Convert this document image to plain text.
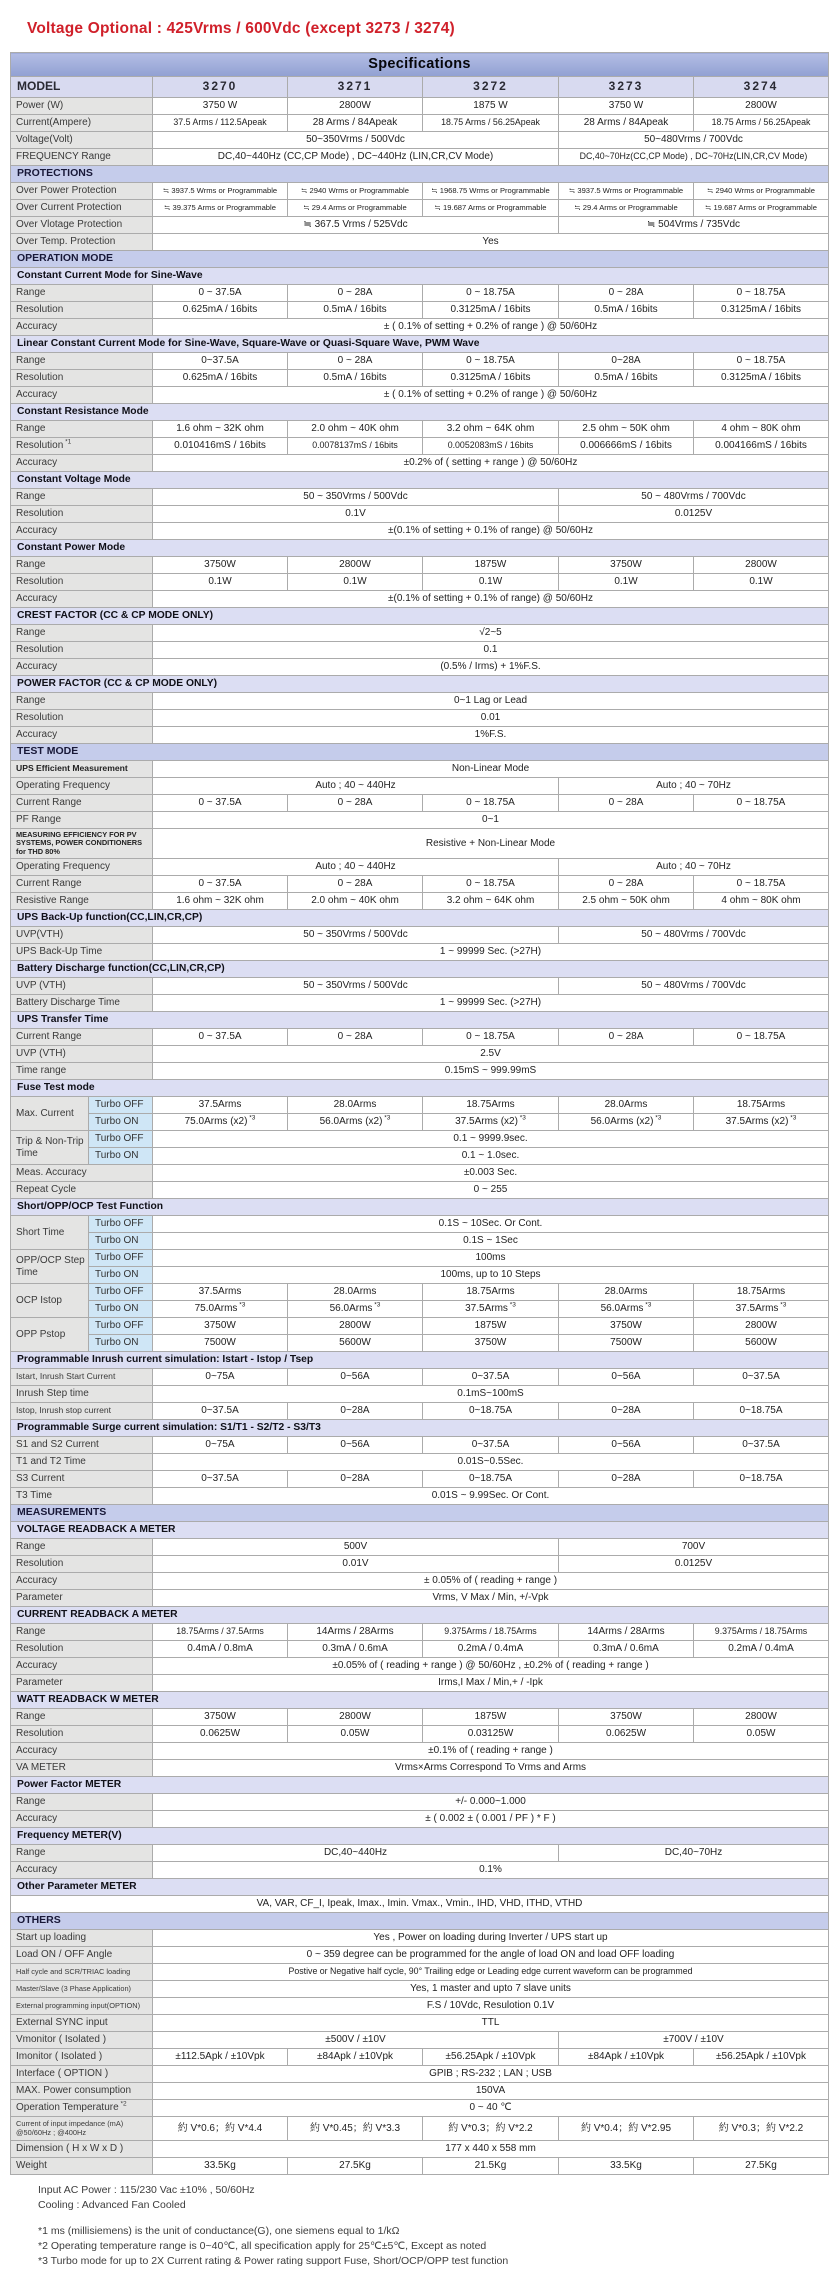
Voltage Optional : 425Vrms / 600Vdc (except 3273 / 3274)
Specifications						
MODEL		3270	3271	3272	3273	3274
Power (W)		3750 W	2800W	1875 W	3750 W	2800W
Current(Ampere)		37.5 Arms / 112.5Apeak	28 Arms / 84Apeak	18.75 Arms / 56.25Apeak	28 Arms / 84Apeak	18.75 Arms / 56.25Apeak
Voltage(Volt)		50~350Vrms / 500Vdc			50~480Vrms / 700Vdc	
FREQUENCY Range		DC,40~440Hz (CC,CP Mode) , DC~440Hz (LIN,CR,CV Mode)			DC,40~70Hz(CC,CP Mode) , DC~70Hz(LIN,CR,CV Mode)	
PROTECTIONS						
Over Power Protection		≒ 3937.5 Wrms or Programmable	≒ 2940 Wrms or Programmable	≒ 1968.75 Wrms or Programmable	≒ 3937.5 Wrms or Programmable	≒ 2940 Wrms or Programmable
Over Current Protection		≒ 39.375 Arms or Programmable	≒ 29.4 Arms or Programmable	≒ 19.687 Arms or Programmable	≒ 29.4 Arms or Programmable	≒ 19.687 Arms or Programmable
Over Vlotage Protection		≒ 367.5 Vrms / 525Vdc			≒ 504Vrms / 735Vdc	
Over Temp. Protection		Yes				
OPERATION MODE						
Constant Current Mode for Sine-Wave						
Range		0 ~ 37.5A	0 ~ 28A	0 ~ 18.75A	0 ~ 28A	0 ~ 18.75A
Resolution		0.625mA / 16bits	0.5mA / 16bits	0.3125mA / 16bits	0.5mA / 16bits	0.3125mA / 16bits
Accuracy		± ( 0.1% of setting + 0.2% of range ) @ 50/60Hz				
Linear Constant Current Mode for Sine-Wave, Square-Wave or Quasi-Square Wave, PWM Wave						
Range		0~37.5A	0 ~ 28A	0 ~ 18.75A	0~28A	0 ~ 18.75A
Resolution		0.625mA / 16bits	0.5mA / 16bits	0.3125mA / 16bits	0.5mA / 16bits	0.3125mA / 16bits
Accuracy		± ( 0.1% of setting + 0.2% of range ) @ 50/60Hz				
Constant Resistance Mode						
Range		1.6 ohm ~ 32K ohm	2.0 ohm ~ 40K ohm	3.2 ohm ~ 64K ohm	2.5 ohm ~ 50K ohm	4 ohm ~ 80K ohm
Resolution $^{*1}$		0.010416mS / 16bits	0.0078137mS / 16bits	0.0052083mS / 16bits	0.006666mS / 16bits	0.004166mS / 16bits
Accuracy		±0.2% of ( setting + range ) @ 50/60Hz				
Constant Voltage Mode						
Range		50 ~ 350Vrms / 500Vdc			50 ~ 480Vrms / 700Vdc	
Resolution		0.1V			0.0125V	
Accuracy		±(0.1% of setting + 0.1% of range) @ 50/60Hz				
Constant Power Mode						
Range		3750W	2800W	1875W	3750W	2800W
Resolution		0.1W	0.1W	0.1W	0.1W	0.1W
Accuracy		±(0.1% of setting + 0.1% of range) @ 50/60Hz				
CREST FACTOR (CC & CP MODE ONLY)						
Range		√2~5				
Resolution		0.1				
Accuracy		(0.5% / Irms) + 1%F.S.				
POWER FACTOR (CC & CP MODE ONLY)						
Range		0~1 Lag or Lead				
Resolution		0.01				
Accuracy		1%F.S.				
TEST MODE						
UPS Efficient Measurement		Non-Linear Mode				
Operating Frequency		Auto ; 40 ~ 440Hz			Auto ; 40 ~ 70Hz	
Current Range		0 ~ 37.5A	0 ~ 28A	0 ~ 18.75A	0 ~ 28A	0 ~ 18.75A
PF Range		0~1				
MEASURING EFFICIENCY FOR PV SYSTEMS, POWER CONDITIONERS for THD 80%		Resistive + Non-Linear Mode				
Operating Frequency		Auto ; 40 ~ 440Hz			Auto ; 40 ~ 70Hz	
Current Range		0 ~ 37.5A	0 ~ 28A	0 ~ 18.75A	0 ~ 28A	0 ~ 18.75A
Resistive Range		1.6 ohm ~ 32K ohm	2.0 ohm ~ 40K ohm	3.2 ohm ~ 64K ohm	2.5 ohm ~ 50K ohm	4 ohm ~ 80K ohm
UPS Back-Up function(CC,LIN,CR,CP)						
UVP(VTH)		50 ~ 350Vrms / 500Vdc			50 ~ 480Vrms / 700Vdc	
UPS Back-Up Time		1 ~ 99999 Sec. (>27H)				
Battery Discharge function(CC,LIN,CR,CP)						
UVP (VTH)		50 ~ 350Vrms / 500Vdc			50 ~ 480Vrms / 700Vdc	
Battery Discharge Time		1 ~ 99999 Sec. (>27H)				
UPS Transfer Time						
Current Range		0 ~ 37.5A	0 ~ 28A	0 ~ 18.75A	0 ~ 28A	0 ~ 18.75A
UVP (VTH)		2.5V				
Time range		0.15mS ~ 999.99mS				
Fuse Test mode						
Max. Current	Turbo OFF	37.5Arms	28.0Arms	18.75Arms	28.0Arms	18.75Arms
	Turbo ON	75.0Arms (x2) $^{*3}$	56.0Arms (x2) $^{*3}$	37.5Arms (x2) $^{*3}$	56.0Arms (x2) $^{*3}$	37.5Arms (x2) $^{*3}$
Trip & Non-Trip Time	Turbo OFF	0.1 ~ 9999.9sec.				
	Turbo ON	0.1 ~ 1.0sec.				
Meas. Accuracy		±0.003 Sec.				
Repeat Cycle		0 ~ 255				
Short/OPP/OCP Test Function						
Short Time	Turbo OFF	0.1S ~ 10Sec. Or Cont.				
	Turbo ON	0.1S ~ 1Sec				
OPP/OCP Step Time	Turbo OFF	100ms				
	Turbo ON	100ms, up to 10 Steps				
OCP Istop	Turbo OFF	37.5Arms	28.0Arms	18.75Arms	28.0Arms	18.75Arms
	Turbo ON	75.0Arms $^{*3}$	56.0Arms $^{*3}$	37.5Arms $^{*3}$	56.0Arms $^{*3}$	37.5Arms $^{*3}$
OPP Pstop	Turbo OFF	3750W	2800W	1875W	3750W	2800W
	Turbo ON	7500W	5600W	3750W	7500W	5600W
Programmable Inrush current simulation: Istart - Istop / Tsep						
Istart, Inrush Start Current		0~75A	0~56A	0~37.5A	0~56A	0~37.5A
Inrush Step time		0.1mS~100mS				
Istop, Inrush stop current		0~37.5A	0~28A	0~18.75A	0~28A	0~18.75A
Programmable Surge current simulation: S1/T1 - S2/T2 - S3/T3						
S1 and S2 Current		0~75A	0~56A	0~37.5A	0~56A	0~37.5A
T1 and T2 Time		0.01S~0.5Sec.				
S3 Current		0~37.5A	0~28A	0~18.75A	0~28A	0~18.75A
T3 Time		0.01S ~ 9.99Sec. Or Cont.				
MEASUREMENTS						
VOLTAGE READBACK A METER						
Range		500V			700V	
Resolution		0.01V			0.0125V	
Accuracy		± 0.05% of ( reading + range )				
Parameter		Vrms, V Max / Min, +/-Vpk				
CURRENT READBACK A METER						
Range		18.75Arms / 37.5Arms	14Arms / 28Arms	9.375Arms / 18.75Arms	14Arms / 28Arms	9.375Arms / 18.75Arms
Resolution		0.4mA / 0.8mA	0.3mA / 0.6mA	0.2mA / 0.4mA	0.3mA / 0.6mA	0.2mA / 0.4mA
Accuracy		±0.05% of ( reading + range ) @ 50/60Hz , ±0.2% of ( reading + range )				
Parameter		Irms,I Max / Min,+ / -Ipk				
WATT READBACK W METER						
Range		3750W	2800W	1875W	3750W	2800W
Resolution		0.0625W	0.05W	0.03125W	0.0625W	0.05W
Accuracy		±0.1% of ( reading + range )				
VA METER		Vrms×Arms Correspond To Vrms and Arms				
Power Factor METER						
Range		+/- 0.000~1.000				
Accuracy		± ( 0.002 ± ( 0.001 / PF ) * F )				
Frequency METER(V)						
Range		DC,40~440Hz			DC,40~70Hz	
Accuracy		0.1%				
Other Parameter METER						
VA, VAR, CF_I, Ipeak, Imax., Imin. Vmax., Vmin., IHD, VHD, ITHD, VTHD						
OTHERS						
Start up loading		Yes , Power on loading during Inverter / UPS start up				
Load ON / OFF Angle		0 ~ 359 degree can be programmed for the angle of load ON and load OFF loading				
Half cycle and SCR/TRIAC loading		Postive or Negative half cycle, 90° Trailing edge or Leading edge current waveform can be programmed				
Master/Slave (3 Phase Application)		Yes, 1 master and upto 7 slave units				
External programming input(OPTION)		F.S / 10Vdc, Resulotion 0.1V				
External SYNC input		TTL				
Vmonitor ( Isolated )		±500V / ±10V			±700V / ±10V	
Imonitor ( Isolated )		±112.5Apk / ±10Vpk	±84Apk / ±10Vpk	±56.25Apk / ±10Vpk	±84Apk / ±10Vpk	±56.25Apk / ±10Vpk
Interface ( OPTION )		GPIB ; RS-232 ; LAN ; USB				
MAX. Power consumption		150VA				
Operation Temperature $^{*2}$		0 ~ 40 ℃				
Current of input impedance (mA) @50/60Hz ; @400Hz		約 V*0.6；約 V*4.4	約 V*0.45；約 V*3.3	約 V*0.3；約 V*2.2	約 V*0.4；約 V*2.95	約 V*0.3；約 V*2.2
Dimension ( H x W x D )		177 x 440 x 558 mm				
Weight		33.5Kg	27.5Kg	21.5Kg	33.5Kg	27.5Kg
Input AC Power : 115/230 Vac ±10% , 50/60Hz
Cooling : Advanced Fan Cooled
*1 ms (millisiemens) is the unit of conductance(G), one siemens equal to 1/kΩ
*2 Operating temperature range is 0~40℃, all specification apply for 25℃±5℃, Except as noted
*3 Turbo mode for up to 2X Current rating & Power rating support Fuse, Short/OCP/OPP test function
